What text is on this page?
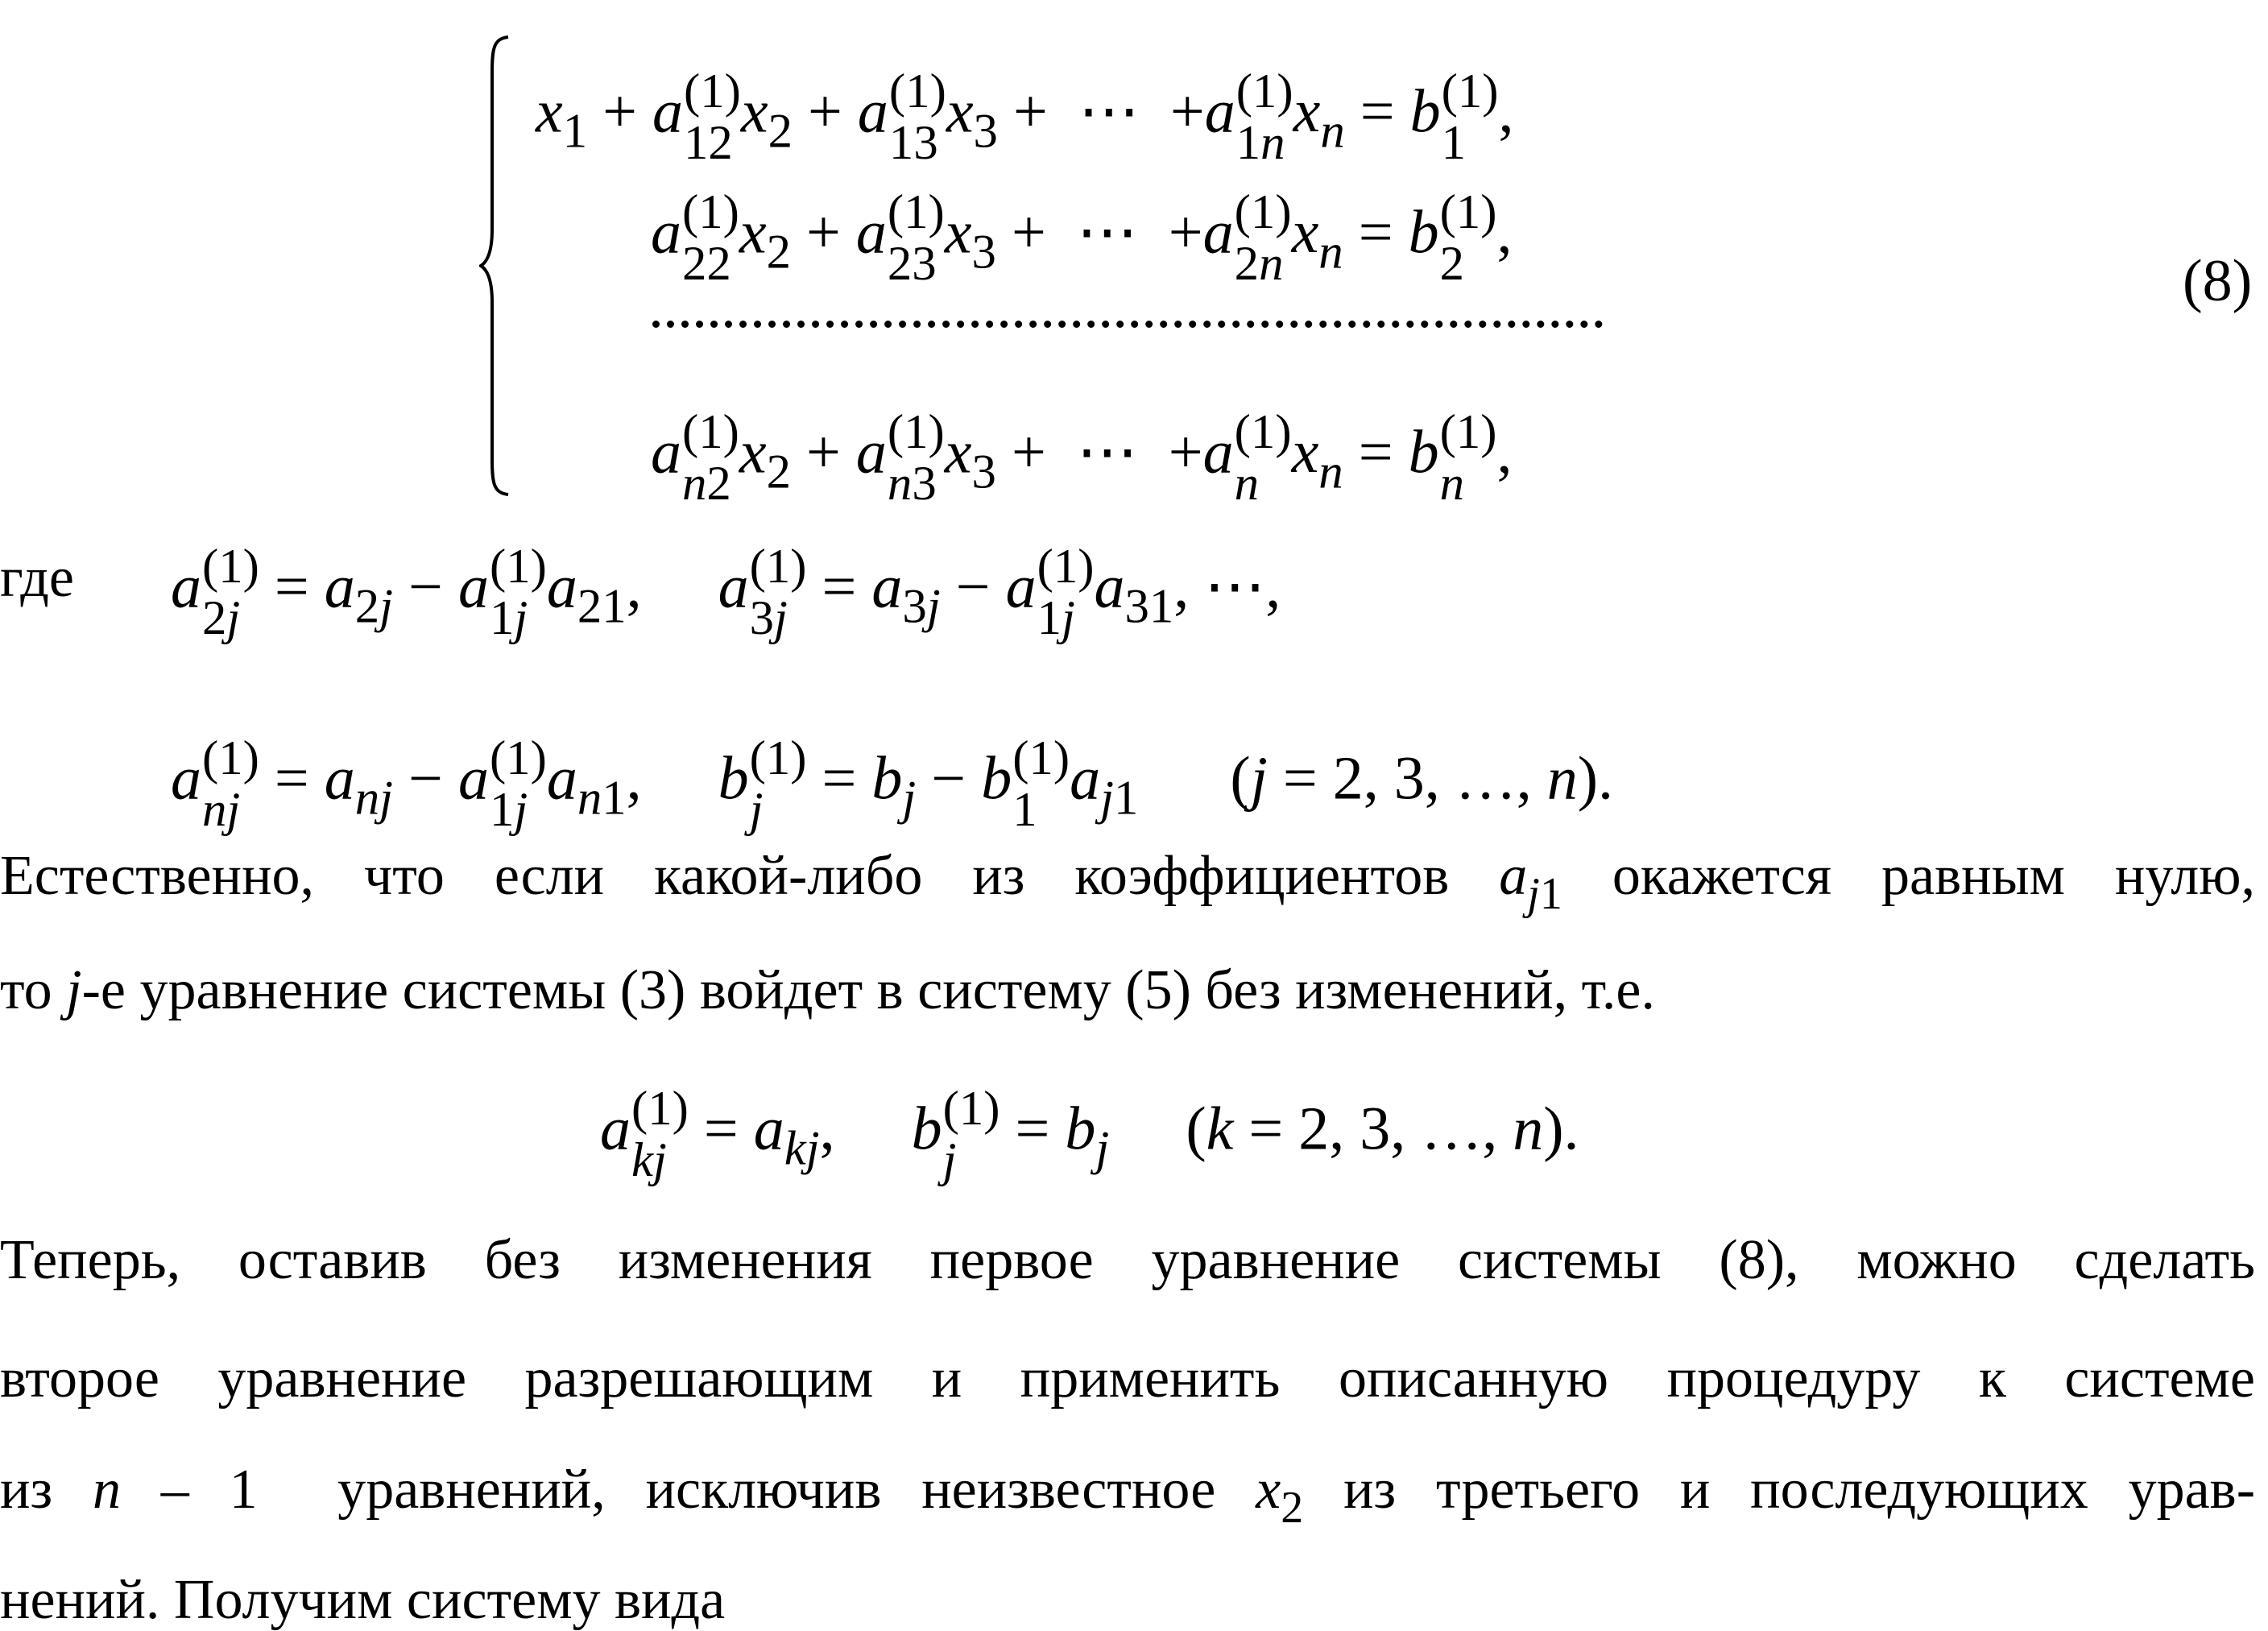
$x_1 + a$ (1)
12 $x_2 + a$ (1)
13 $x_3$ +  ⋯  +a (1)
1n $x_n = b$ (1)
1 ,
a (1)
22 $x_2 + a$ (1)
23 $x_3$ +  ⋯  +a (1)
2n $x_n = b$ (1)
2 ,
a (1)
n2 $x_2 + a$ (1)
n3 $x_3$ +  ⋯  +a (1)
n $x_n = b$ (1)
n ,
(8)
где a (1)
$2j = a_{2j} - a$ (1)
1j $a_{21}$,     a (1)
$3j = a_{3j} - a$ (1)
1j $a_{31}$, ⋯,
a (1)
nj = $a_{nj} - a$ (1)
1j $a_{n1}$,     b (1)
$j = b_j - b$ (1)
1 $a_{j1}$      (j = 2, 3, …, n).
Естественно, что если какой-либо из коэффициентов $a_{j1}$ окажется равным нулю,
то j-е уравнение системы (3) войдет в систему (5) без изменений, т.е.
a (1)
kj = $a_{kj}$,     b (1)
$j = b_j$     (k = 2, 3, …, n).
Теперь, оставив без изменения первое уравнение системы (8), можно сделать
второе уравнение разрешающим и применить описанную процедуру к системе
из n – 1  уравнений, исключив неизвестное $x_2$ из третьего и последующих урав-
нений. Получим систему вида
